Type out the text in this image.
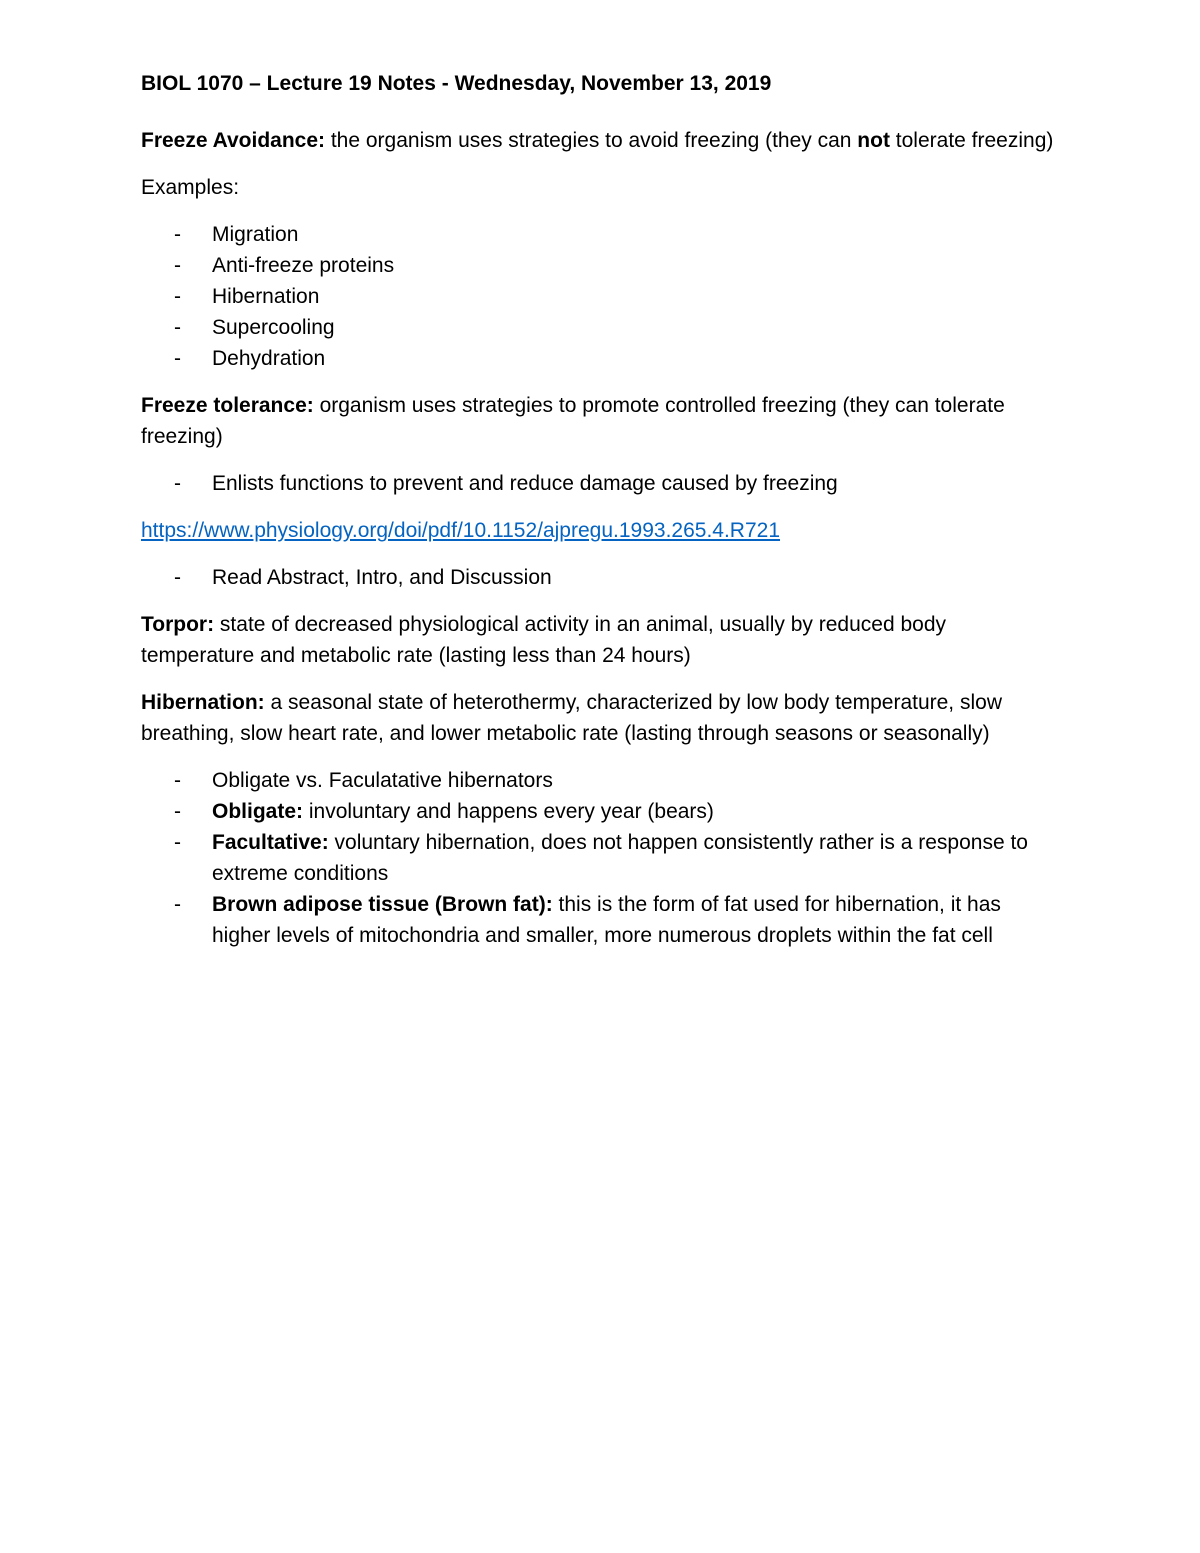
BIOL 1070 – Lecture 19 Notes - Wednesday, November 13, 2019

Freeze Avoidance: the organism uses strategies to avoid freezing (they can not tolerate freezing)

Examples:

- Migration
- Anti-freeze proteins
- Hibernation
- Supercooling
- Dehydration

Freeze tolerance: organism uses strategies to promote controlled freezing (they can tolerate freezing)

- Enlists functions to prevent and reduce damage caused by freezing

https://www.physiology.org/doi/pdf/10.1152/ajpregu.1993.265.4.R721

- Read Abstract, Intro, and Discussion

Torpor: state of decreased physiological activity in an animal, usually by reduced body temperature and metabolic rate (lasting less than 24 hours)

Hibernation: a seasonal state of heterothermy, characterized by low body temperature, slow breathing, slow heart rate, and lower metabolic rate (lasting through seasons or seasonally)

- Obligate vs. Faculatative hibernators
- Obligate: involuntary and happens every year (bears)
- Facultative: voluntary hibernation, does not happen consistently rather is a response to extreme conditions
- Brown adipose tissue (Brown fat): this is the form of fat used for hibernation, it has higher levels of mitochondria and smaller, more numerous droplets within the fat cell
